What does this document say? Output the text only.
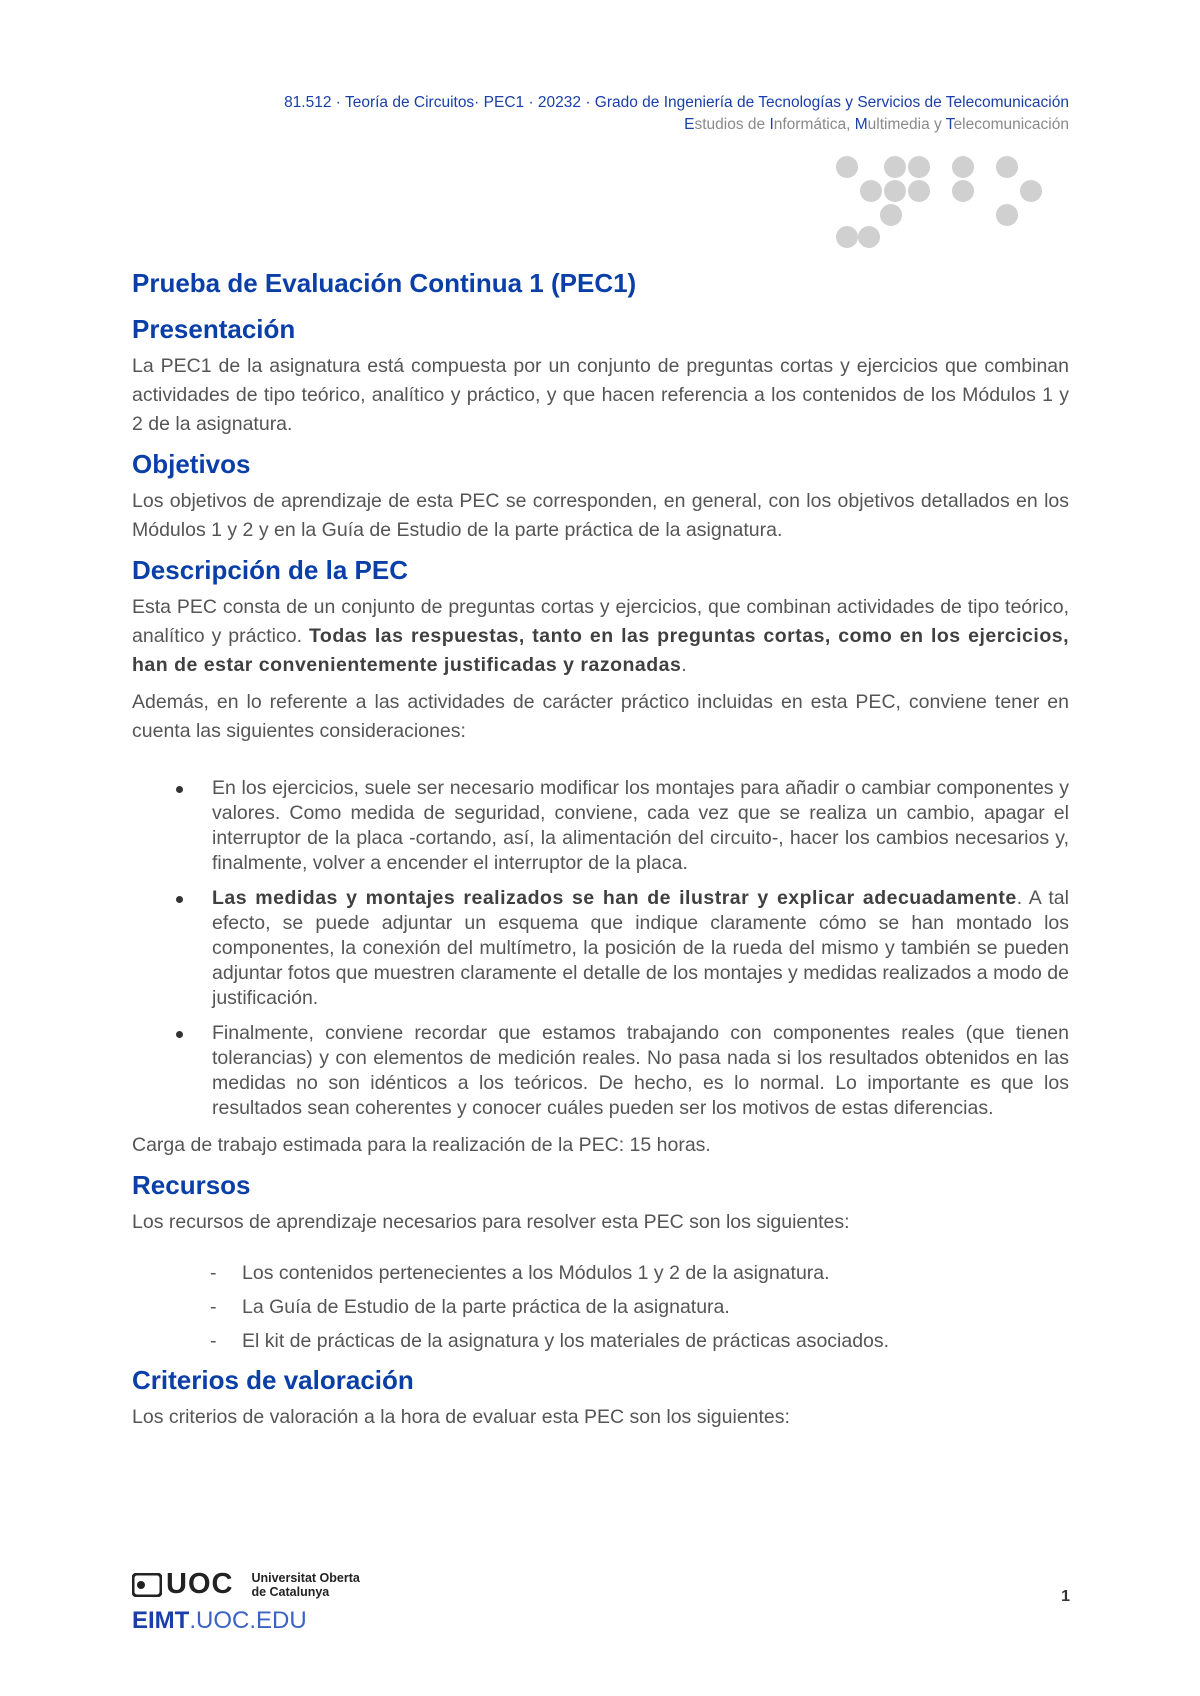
81.512 · Teoría de Circuitos· PEC1 · 20232 · Grado de Ingeniería de Tecnologías y Servicios de Telecomunicación

Estudios de Informática, Multimedia y Telecomunicación

Prueba de Evaluación Continua 1 (PEC1)
Presentación

La PEC1 de la asignatura está compuesta por un conjunto de preguntas cortas y ejercicios que combinan actividades de tipo teórico, analítico y práctico, y que hacen referencia a los contenidos de los Módulos 1 y 2 de la asignatura.

Objetivos

Los objetivos de aprendizaje de esta PEC se corresponden, en general, con los objetivos detallados en los Módulos 1 y 2 y en la Guía de Estudio de la parte práctica de la asignatura.

Descripción de la PEC

Esta PEC consta de un conjunto de preguntas cortas y ejercicios, que combinan actividades de tipo teórico, analítico y práctico. Todas las respuestas, tanto en las preguntas cortas, como en los ejercicios, han de estar convenientemente justificadas y razonadas.

Además, en lo referente a las actividades de carácter práctico incluidas en esta PEC, conviene tener en cuenta las siguientes consideraciones:

En los ejercicios, suele ser necesario modificar los montajes para añadir o cambiar componentes y valores. Como medida de seguridad, conviene, cada vez que se realiza un cambio, apagar el interruptor de la placa -cortando, así, la alimentación del circuito-, hacer los cambios necesarios y, finalmente, volver a encender el interruptor de la placa.
Las medidas y montajes realizados se han de ilustrar y explicar adecuadamente. A tal efecto, se puede adjuntar un esquema que indique claramente cómo se han montado los componentes, la conexión del multímetro, la posición de la rueda del mismo y también se pueden adjuntar fotos que muestren claramente el detalle de los montajes y medidas realizados a modo de justificación.
Finalmente, conviene recordar que estamos trabajando con componentes reales (que tienen tolerancias) y con elementos de medición reales. No pasa nada si los resultados obtenidos en las medidas no son idénticos a los teóricos. De hecho, es lo normal. Lo importante es que los resultados sean coherentes y conocer cuáles pueden ser los motivos de estas diferencias.

Carga de trabajo estimada para la realización de la PEC: 15 horas.

Recursos

Los recursos de aprendizaje necesarios para resolver esta PEC son los siguientes:

- Los contenidos pertenecientes a los Módulos 1 y 2 de la asignatura.
- La Guía de Estudio de la parte práctica de la asignatura.
- El kit de prácticas de la asignatura y los materiales de prácticas asociados.
Criterios de valoración

Los criterios de valoración a la hora de evaluar esta PEC son los siguientes:

UOC Universitat Oberta
de Catalunya
EIMT.UOC.EDU
1
